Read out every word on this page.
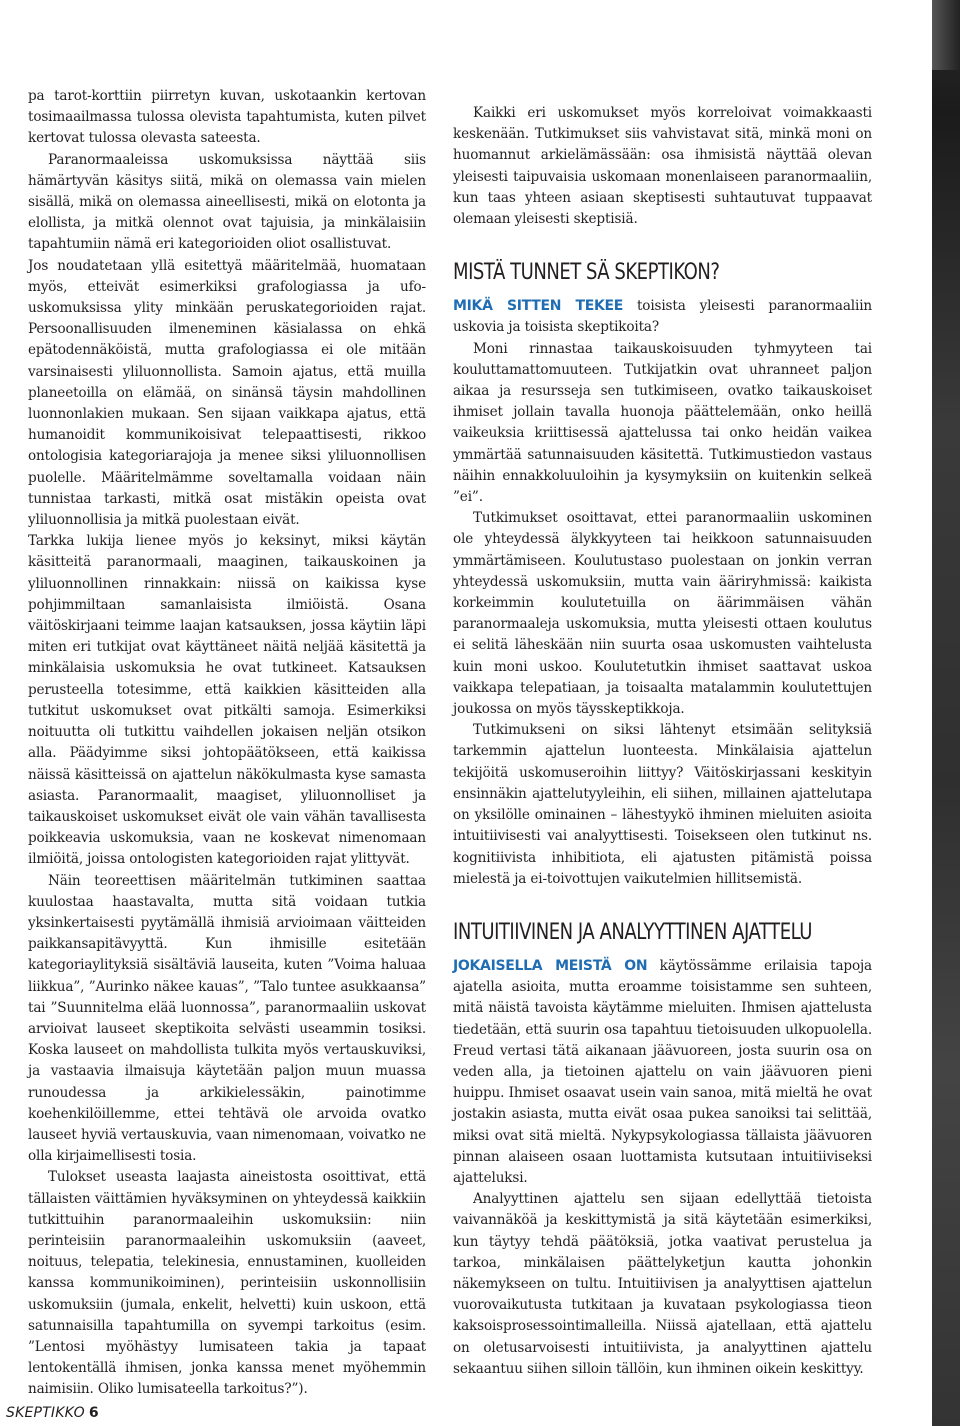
pa tarot-korttiin piirretyn kuvan, uskotaankin kertovan tosimaailmassa tulossa olevista tapahtumista, kuten pilvet kertovat tulossa olevasta sateesta.

Paranormaaleissa uskomuksissa näyttää siis hämärtyvän käsitys siitä, mikä on olemassa vain mielen sisällä, mikä on olemassa aineellisesti, mikä on elotonta ja elollista, ja mitkä olennot ovat tajuisia, ja minkälaisiin tapahtumiin nämä eri kategorioiden oliot osallistuvat.

Jos noudatetaan yllä esitettyä määritelmää, huomataan myös, etteivät esimerkiksi grafologiassa ja ufo-uskomuksissa ylity minkään peruskategorioiden rajat. Persoonallisuuden ilmeneminen käsialassa on ehkä epätodennäköistä, mutta grafologiassa ei ole mitään varsinaisesti yliluonnollista. Samoin ajatus, että muilla planeetoilla on elämää, on sinänsä täysin mahdollinen luonnonlakien mukaan. Sen sijaan vaikkapa ajatus, että humanoidit kommunikoisivat telepaattisesti, rikkoo ontologisia kategoriarajoja ja menee siksi yliluonnollisen puolelle. Määritelmämme soveltamalla voidaan näin tunnistaa tarkasti, mitkä osat mistäkin opeista ovat yliluonnollisia ja mitkä puolestaan eivät.

Tarkka lukija lienee myös jo keksinyt, miksi käytän käsitteitä paranormaali, maaginen, taikauskoinen ja yliluonnollinen rinnakkain: niissä on kaikissa kyse pohjimmiltaan samanlaisista ilmiöistä. Osana väitöskirjaani teimme laajan katsauksen, jossa käytiin läpi miten eri tutkijat ovat käyttäneet näitä neljää käsitettä ja minkälaisia uskomuksia he ovat tutkineet. Katsauksen perusteella totesimme, että kaikkien käsitteiden alla tutkitut uskomukset ovat pitkälti samoja. Esimerkiksi noituutta oli tutkittu vaihdellen jokaisen neljän otsikon alla. Päädyimme siksi johtopäätökseen, että kaikissa näissä käsitteissä on ajattelun näkökulmasta kyse samasta asiasta. Paranormaalit, maagiset, yliluonnolliset ja taikauskoiset uskomukset eivät ole vain vähän tavallisesta poikkeavia uskomuksia, vaan ne koskevat nimenomaan ilmiöitä, joissa ontologisten kategorioiden rajat ylittyvät.

Näin teoreettisen määritelmän tutkiminen saattaa kuulostaa haastavalta, mutta sitä voidaan tutkia yksinkertaisesti pyytämällä ihmisiä arvioimaan väitteiden paikkansapitävyyttä. Kun ihmisille esitetään kategoriaylityksiä sisältäviä lauseita, kuten ”Voima haluaa liikkua”, ”Aurinko näkee kauas”, ”Talo tuntee asukkaansa” tai ”Suunnitelma elää luonnossa”, paranormaaliin uskovat arvioivat lauseet skeptikoita selvästi useammin tosiksi. Koska lauseet on mahdollista tulkita myös vertauskuviksi, ja vastaavia ilmaisuja käytetään paljon muun muassa runoudessa ja arkikielessäkin, painotimme koehenkilöillemme, ettei tehtävä ole arvoida ovatko lauseet hyviä vertauskuvia, vaan nimenomaan, voivatko ne olla kirjaimellisesti tosia.

Tulokset useasta laajasta aineistosta osoittivat, että tällaisten väittämien hyväksyminen on yhteydessä kaikkiin tutkittuihin paranormaaleihin uskomuksiin: niin perinteisiin paranormaaleihin uskomuksiin (aaveet, noituus, telepatia, telekinesia, ennustaminen, kuolleiden kanssa kommunikoiminen), perinteisiin uskonnollisiin uskomuksiin (jumala, enkelit, helvetti) kuin uskoon, että satunnaisilla tapahtumilla on syvempi tarkoitus (esim. ”Lentosi myöhästyy lumisateen takia ja tapaat lentokentällä ihmisen, jonka kanssa menet myöhemmin naimisiin. Oliko lumisateella tarkoitus?”).

Kaikki eri uskomukset myös korreloivat voimakkaasti keskenään. Tutkimukset siis vahvistavat sitä, minkä moni on huomannut arkielämässään: osa ihmisistä näyttää olevan yleisesti taipuvaisia uskomaan monenlaiseen paranormaaliin, kun taas yhteen asiaan skeptisesti suhtautuvat tuppaavat olemaan yleisesti skeptisiä.

MISTÄ TUNNET SÄ SKEPTIKON?

MIKÄ SITTEN TEKEE toisista yleisesti paranormaaliin uskovia ja toisista skeptikoita?

Moni rinnastaa taikauskoisuuden tyhmyyteen tai kouluttamattomuuteen. Tutkijatkin ovat uhranneet paljon aikaa ja resursseja sen tutkimiseen, ovatko taikauskoiset ihmiset jollain tavalla huonoja päättelemään, onko heillä vaikeuksia kriittisessä ajattelussa tai onko heidän vaikea ymmärtää satunnaisuuden käsitettä. Tutkimustiedon vastaus näihin ennakkoluuloihin ja kysymyksiin on kuitenkin selkeä ”ei”.

Tutkimukset osoittavat, ettei paranormaaliin uskominen ole yhteydessä älykkyyteen tai heikkoon satunnaisuuden ymmärtämiseen. Koulutustaso puolestaan on jonkin verran yhteydessä uskomuksiin, mutta vain ääriryhmissä: kaikista korkeimmin koulutetuilla on äärimmäisen vähän paranormaaleja uskomuksia, mutta yleisesti ottaen koulutus ei selitä läheskään niin suurta osaa uskomusten vaihtelusta kuin moni uskoo. Koulutetutkin ihmiset saattavat uskoa vaikkapa telepatiaan, ja toisaalta matalammin koulutettujen joukossa on myös täysskeptikkoja.

Tutkimukseni on siksi lähtenyt etsimään selityksiä tarkemmin ajattelun luonteesta. Minkälaisia ajattelun tekijöitä uskomuseroihin liittyy? Väitöskirjassani keskityin ensinnäkin ajattelutyyleihin, eli siihen, millainen ajattelutapa on yksilölle ominainen – lähestyykö ihminen mieluiten asioita intuitiivisesti vai analyyttisesti. Toisekseen olen tutkinut ns. kognitiivista inhibitiota, eli ajatusten pitämistä poissa mielestä ja ei-toivottujen vaikutelmien hillitsemistä.

INTUITIIVINEN JA ANALYYTTINEN AJATTELU

JOKAISELLA MEISTÄ ON käytössämme erilaisia tapoja ajatella asioita, mutta eroamme toisistamme sen suhteen, mitä näistä tavoista käytämme mieluiten. Ihmisen ajattelusta tiedetään, että suurin osa tapahtuu tietoisuuden ulkopuolella. Freud vertasi tätä aikanaan jäävuoreen, josta suurin osa on veden alla, ja tietoinen ajattelu on vain jäävuoren pieni huippu. Ihmiset osaavat usein vain sanoa, mitä mieltä he ovat jostakin asiasta, mutta eivät osaa pukea sanoiksi tai selittää, miksi ovat sitä mieltä. Nykypsykologiassa tällaista jäävuoren pinnan alaiseen osaan luottamista kutsutaan intuitiiviseksi ajatteluksi.

Analyyttinen ajattelu sen sijaan edellyttää tietoista vaivannäköä ja keskittymistä ja sitä käytetään esimerkiksi, kun täytyy tehdä päätöksiä, jotka vaativat perustelua ja tarkoa, minkälaisen päättelyketjun kautta johonkin näkemykseen on tultu. Intuitiivisen ja analyyttisen ajattelun vuorovaikutusta tutkitaan ja kuvataan psykologiassa tieon kaksoisprosessointimalleilla. Niissä ajatellaan, että ajattelu on oletusarvoisesti intuitiivista, ja analyyttinen ajattelu sekaantuu siihen silloin tällöin, kun ihminen oikein keskittyy.

SKEPTIKKO 6
